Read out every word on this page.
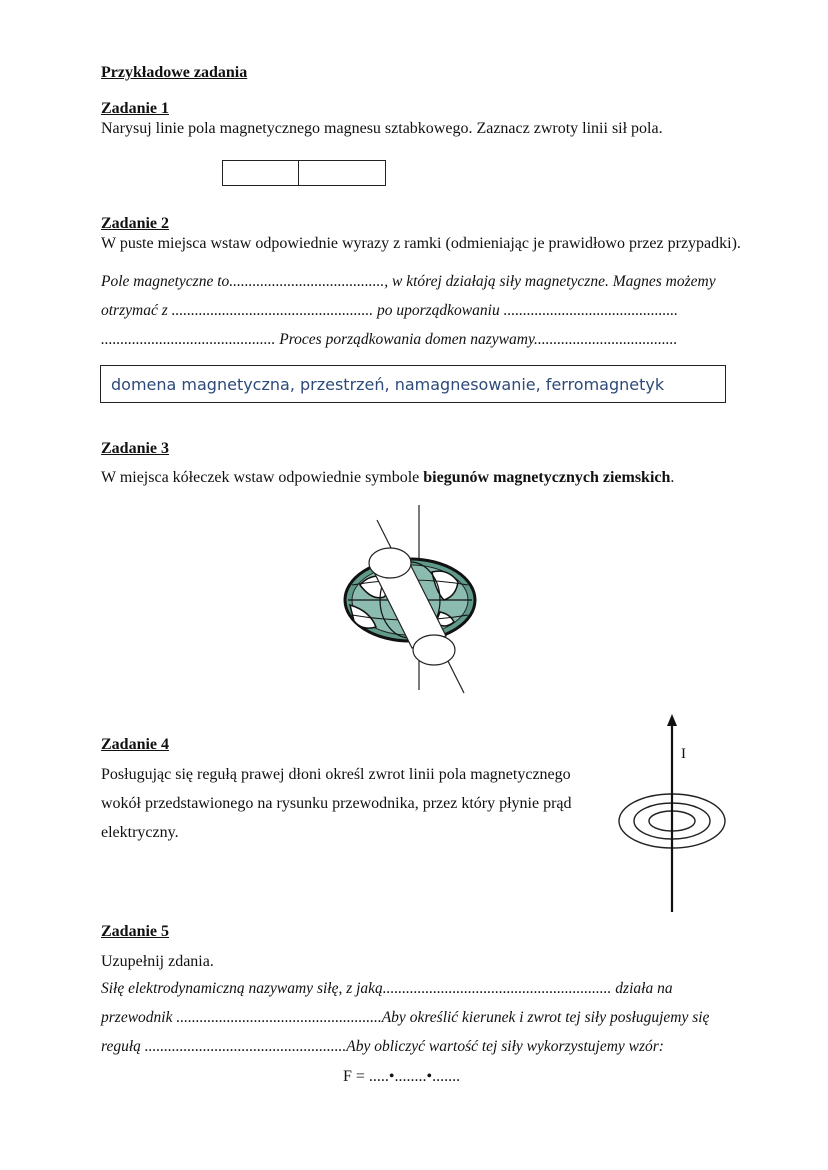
Przykładowe zadania
Zadanie 1
Narysuj linie pola magnetycznego magnesu sztabkowego. Zaznacz zwroty linii sił pola.
Zadanie 2
W puste miejsca wstaw odpowiednie wyrazy z ramki (odmieniając je prawidłowo przez przypadki).
Pole magnetyczne to........................................, w której działają siły magnetyczne. Magnes możemy
otrzymać z .................................................... po uporządkowaniu .............................................
............................................. Proces porządkowania domen nazywamy.....................................
domena magnetyczna, przestrzeń, namagnesowanie, ferromagnetyk
Zadanie 3
W miejsca kółeczek wstaw odpowiednie symbole biegunów magnetycznych ziemskich.
Zadanie 4
Posługując się regułą prawej dłoni określ zwrot linii pola magnetycznego
wokół przedstawionego na rysunku przewodnika, przez który płynie prąd
elektryczny.
I
Zadanie 5
Uzupełnij zdania.
Siłę elektrodynamiczną nazywamy siłę, z jaką........................................................... działa na
przewodnik .....................................................Aby określić kierunek i zwrot tej siły posługujemy się
regułą ....................................................Aby obliczyć wartość tej siły wykorzystujemy wzór:
F = .....•........•.......
